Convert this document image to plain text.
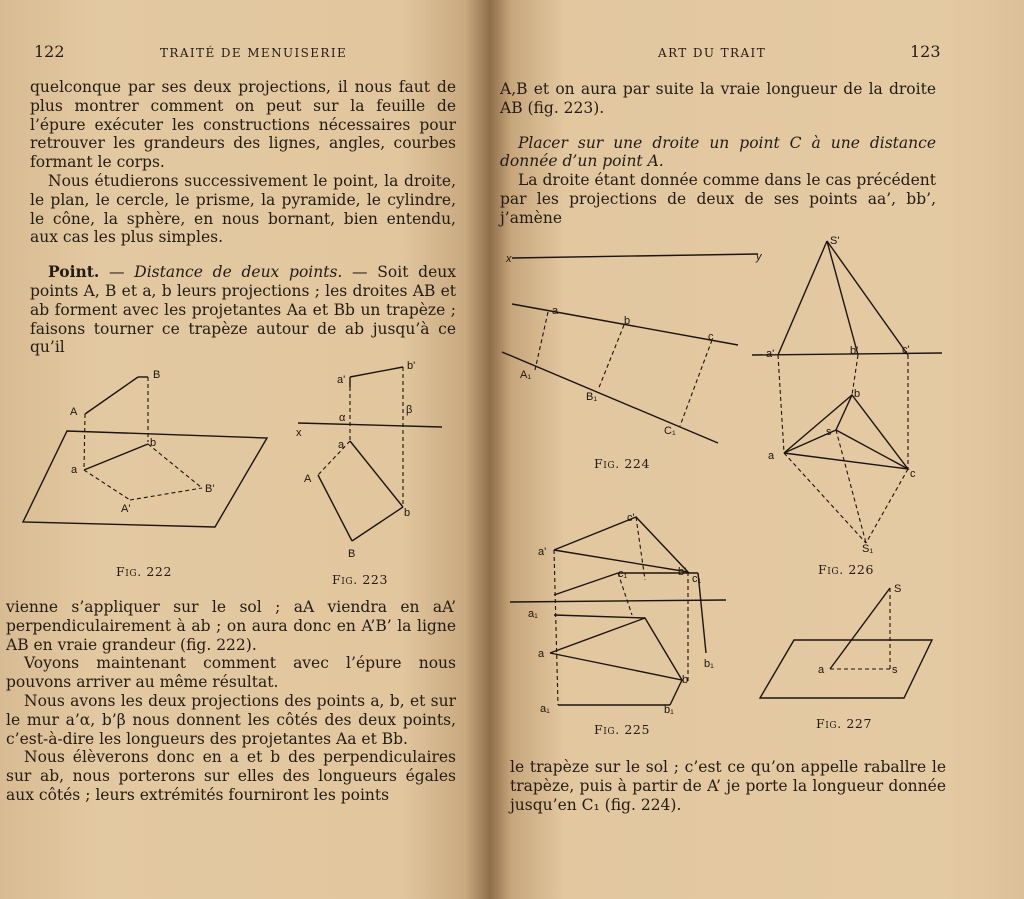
122	TRAITÉ DE MENUISERIE

quelconque par ses deux projections, il nous faut de plus montrer comment on peut sur la feuille de l’épure exécuter les constructions nécessaires pour retrouver les grandeurs des lignes, angles, courbes formant le corps.

Nous étudierons successivement le point, la droite, le plan, le cercle, le prisme, la pyramide, le cylindre, le cône, la sphère, en nous bornant, bien entendu, aux cas les plus simples.

Point. — Distance de deux points. — Soit deux points A, B et a, b leurs projections ; les droites AB et ab forment avec les projetantes Aa et Bb un trapèze ; faisons tourner ce trapèze autour de ab jusqu’à ce qu’il

B
A
b
a
B'
A'
Fig. 222
a'
b'
x
α
β
a
b
A
B
Fig. 223

vienne s’appliquer sur le sol ; aA viendra en aA’ perpendiculairement à ab ; on aura donc en A’B’ la ligne AB en vraie grandeur (fig. 222).

Voyons maintenant comment avec l’épure nous pouvons arriver au même résultat.

Nous avons les deux projections des points a, b, et sur le mur a’α, b’β nous donnent les côtés des deux points, c’est-à-dire les longueurs des projetantes Aa et Bb.

Nous élèverons donc en a et b des perpendiculaires sur ab, nous porterons sur elles des longueurs égales aux côtés ; leurs extrémités fourniront les points

ART DU TRAIT	123

A,B et on aura par suite la vraie longueur de la droite AB (fig. 223).

Placer sur une droite un point C à une distance donnée d’un point A.

La droite étant donnée comme dans le cas précédent par les projections de deux de ses points aa’, bb’, j’amène

x	y
a
b
c
A₁
B₁
C₁
Fig. 224
S'
a'	b'	c'
b
s
a
c
S₁
Fig. 226
c'
a'
c₁	b'
c₁
a₁
a
b₁
b
a₁	b₁
Fig. 225
S
a	s
Fig. 227

le trapèze sur le sol ; c’est ce qu’on appelle raballre le trapèze, puis à partir de A’ je porte la longueur donnée jusqu’en C₁ (fig. 224).
